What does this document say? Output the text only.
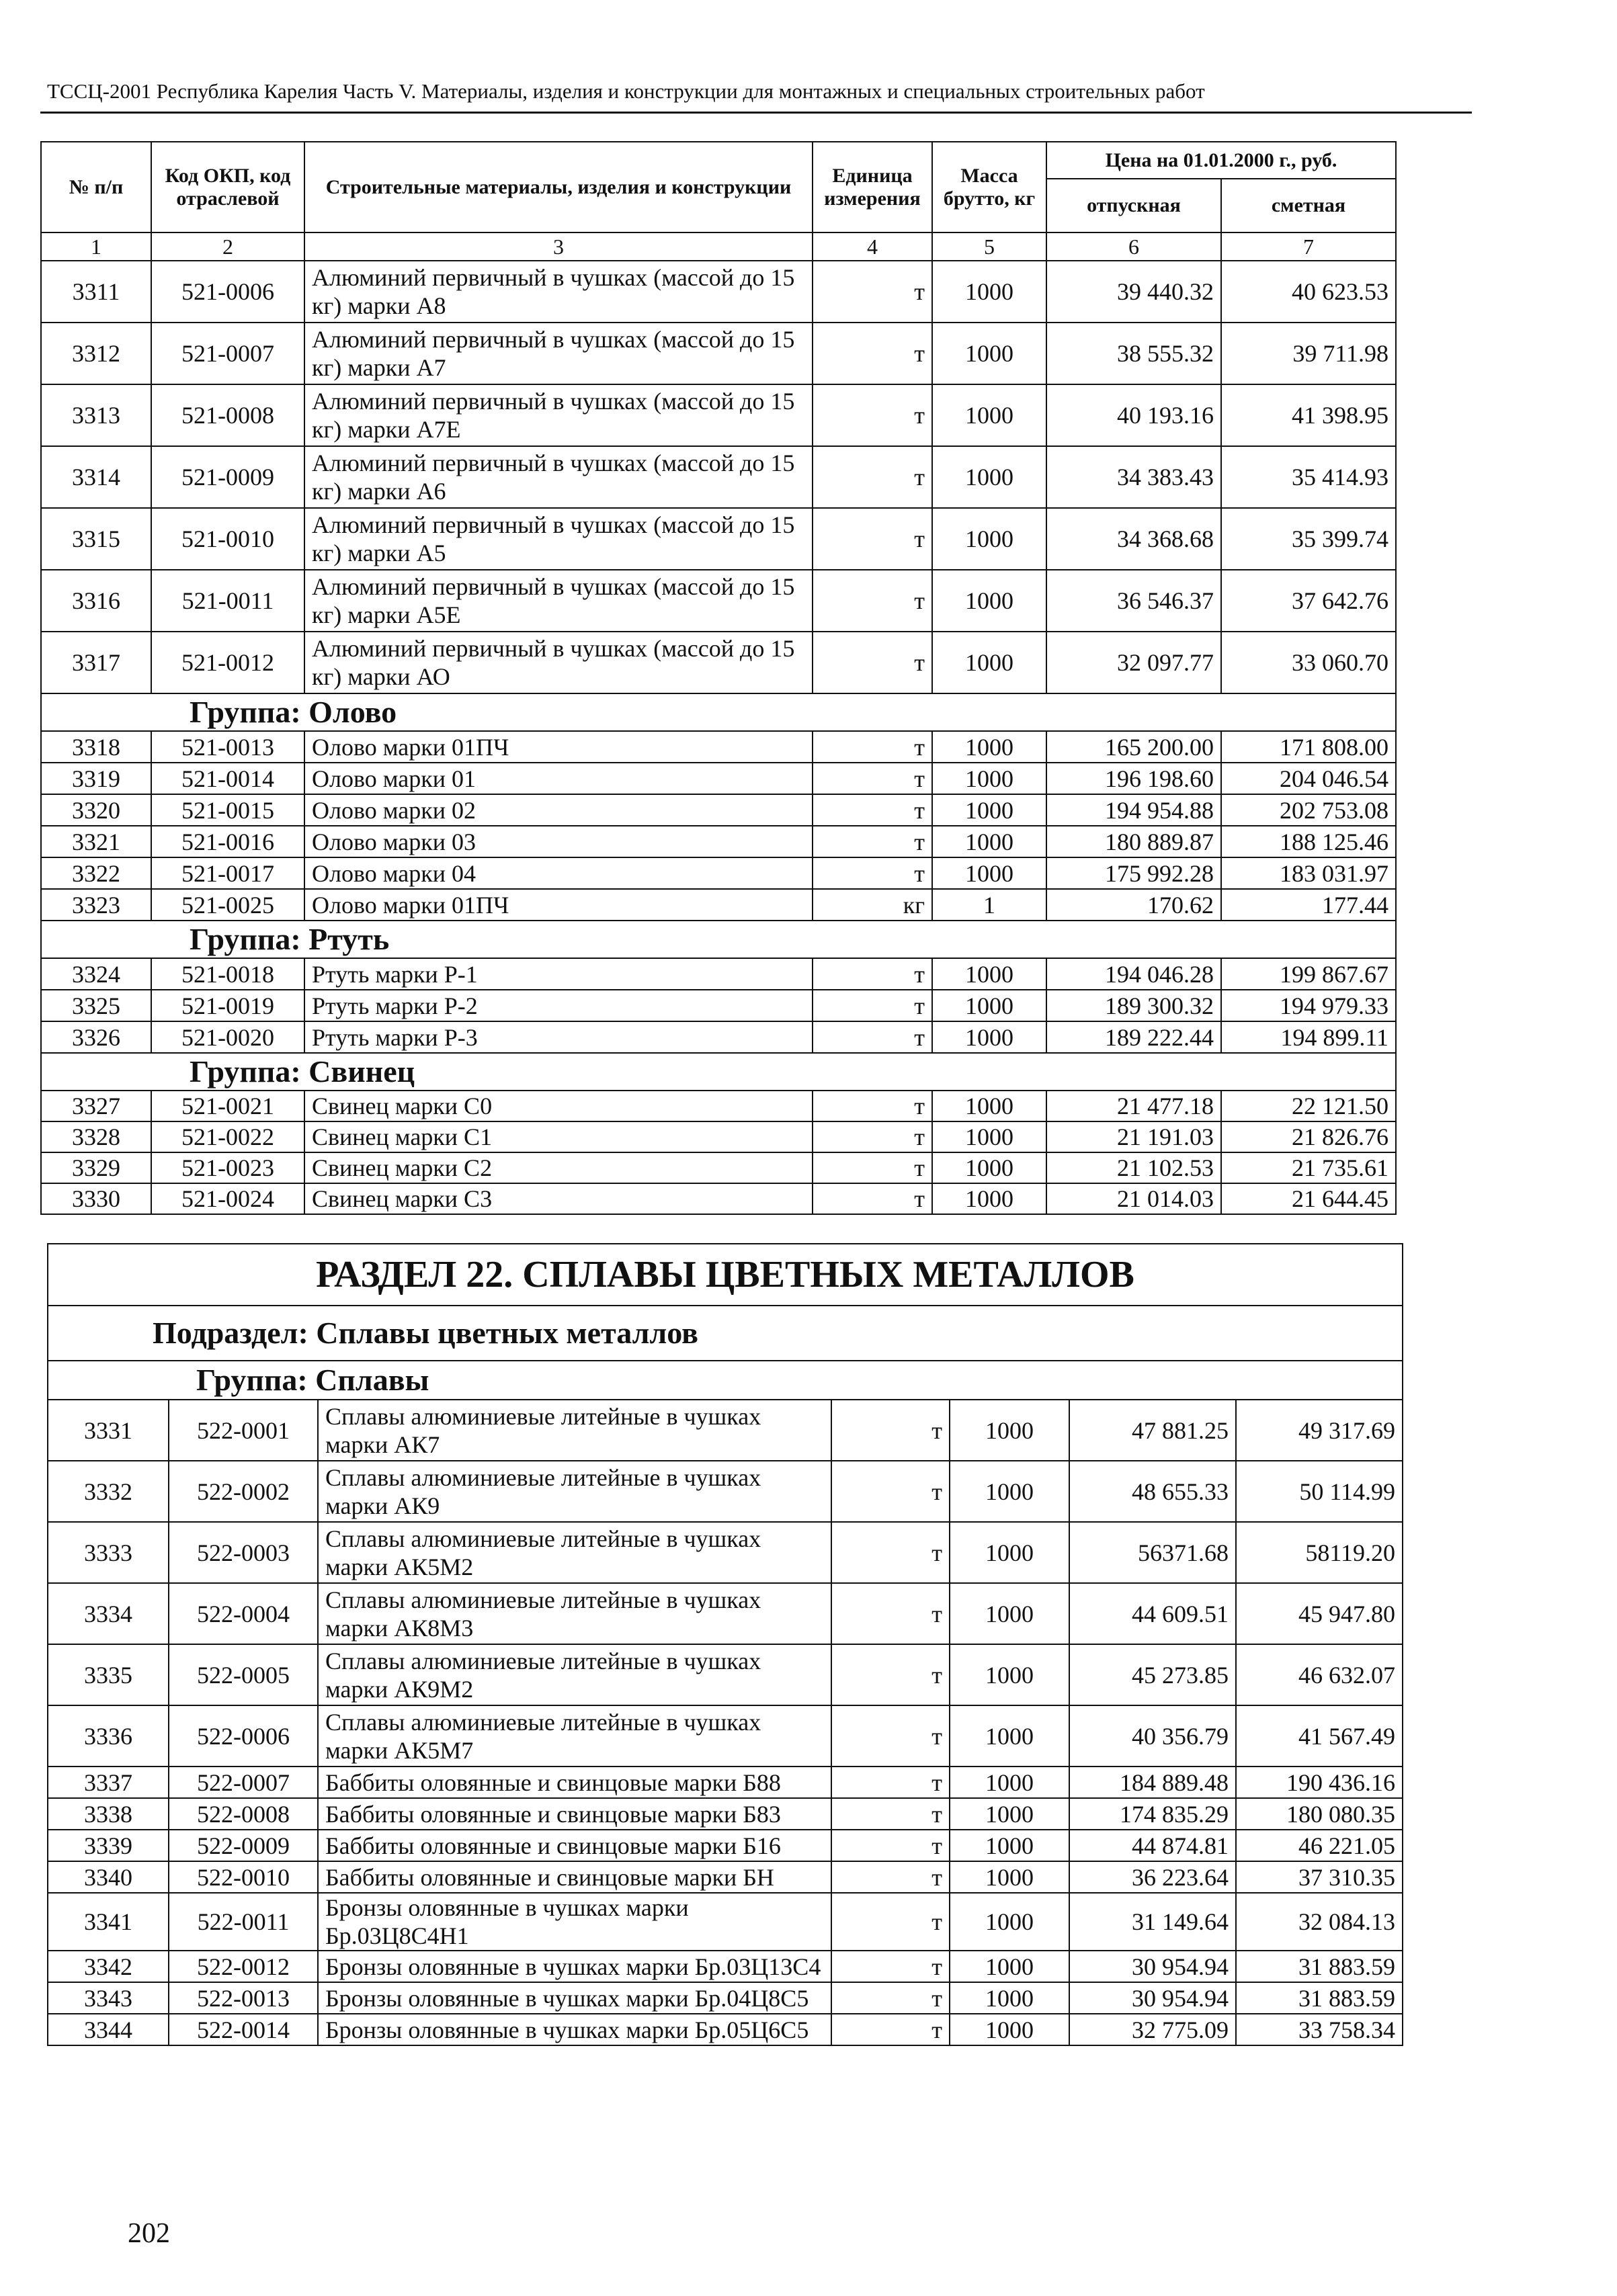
ТССЦ-2001 Республика Карелия Часть V. Материалы, изделия и конструкции для монтажных и специальных строительных работ
№ п/п	Код ОКП, код отраслевой	Строительные материалы, изделия и конструкции	Единица измерения	Масса брутто, кг	Цена на 01.01.2000 г., руб.	
					отпускная	сметная
1	2	3	4	5	6	7
3311	521-0006	Алюминий первичный в чушках (массой до 15 кг) марки А8	т	1000	39 440.32	40 623.53
3312	521-0007	Алюминий первичный в чушках (массой до 15 кг) марки А7	т	1000	38 555.32	39 711.98
3313	521-0008	Алюминий первичный в чушках (массой до 15 кг) марки А7Е	т	1000	40 193.16	41 398.95
3314	521-0009	Алюминий первичный в чушках (массой до 15 кг) марки А6	т	1000	34 383.43	35 414.93
3315	521-0010	Алюминий первичный в чушках (массой до 15 кг) марки А5	т	1000	34 368.68	35 399.74
3316	521-0011	Алюминий первичный в чушках (массой до 15 кг) марки А5Е	т	1000	36 546.37	37 642.76
3317	521-0012	Алюминий первичный в чушках (массой до 15 кг) марки АО	т	1000	32 097.77	33 060.70
Группа: Олово						
3318	521-0013	Олово марки 01ПЧ	т	1000	165 200.00	171 808.00
3319	521-0014	Олово марки 01	т	1000	196 198.60	204 046.54
3320	521-0015	Олово марки 02	т	1000	194 954.88	202 753.08
3321	521-0016	Олово марки 03	т	1000	180 889.87	188 125.46
3322	521-0017	Олово марки 04	т	1000	175 992.28	183 031.97
3323	521-0025	Олово марки 01ПЧ	кг	1	170.62	177.44
Группа: Ртуть						
3324	521-0018	Ртуть марки Р-1	т	1000	194 046.28	199 867.67
3325	521-0019	Ртуть марки Р-2	т	1000	189 300.32	194 979.33
3326	521-0020	Ртуть марки Р-3	т	1000	189 222.44	194 899.11
Группа: Свинец						
3327	521-0021	Свинец марки С0	т	1000	21 477.18	22 121.50
3328	521-0022	Свинец марки С1	т	1000	21 191.03	21 826.76
3329	521-0023	Свинец марки С2	т	1000	21 102.53	21 735.61
3330	521-0024	Свинец марки С3	т	1000	21 014.03	21 644.45
РАЗДЕЛ 22. СПЛАВЫ ЦВЕТНЫХ МЕТАЛЛОВ						
Подраздел: Сплавы цветных металлов						
Группа: Сплавы						
3331	522-0001	Сплавы алюминиевые литейные в чушках марки АК7	т	1000	47 881.25	49 317.69
3332	522-0002	Сплавы алюминиевые литейные в чушках марки АК9	т	1000	48 655.33	50 114.99
3333	522-0003	Сплавы алюминиевые литейные в чушках марки АК5М2	т	1000	56371.68	58119.20
3334	522-0004	Сплавы алюминиевые литейные в чушках марки АК8М3	т	1000	44 609.51	45 947.80
3335	522-0005	Сплавы алюминиевые литейные в чушках марки АК9М2	т	1000	45 273.85	46 632.07
3336	522-0006	Сплавы алюминиевые литейные в чушках марки АК5М7	т	1000	40 356.79	41 567.49
3337	522-0007	Баббиты оловянные и свинцовые марки Б88	т	1000	184 889.48	190 436.16
3338	522-0008	Баббиты оловянные и свинцовые марки Б83	т	1000	174 835.29	180 080.35
3339	522-0009	Баббиты оловянные и свинцовые марки Б16	т	1000	44 874.81	46 221.05
3340	522-0010	Баббиты оловянные и свинцовые марки БН	т	1000	36 223.64	37 310.35
3341	522-0011	Бронзы оловянные в чушках марки Бр.03Ц8С4Н1	т	1000	31 149.64	32 084.13
3342	522-0012	Бронзы оловянные в чушках марки Бр.03Ц13С4	т	1000	30 954.94	31 883.59
3343	522-0013	Бронзы оловянные в чушках марки Бр.04Ц8С5	т	1000	30 954.94	31 883.59
3344	522-0014	Бронзы оловянные в чушках марки Бр.05Ц6С5	т	1000	32 775.09	33 758.34
202
